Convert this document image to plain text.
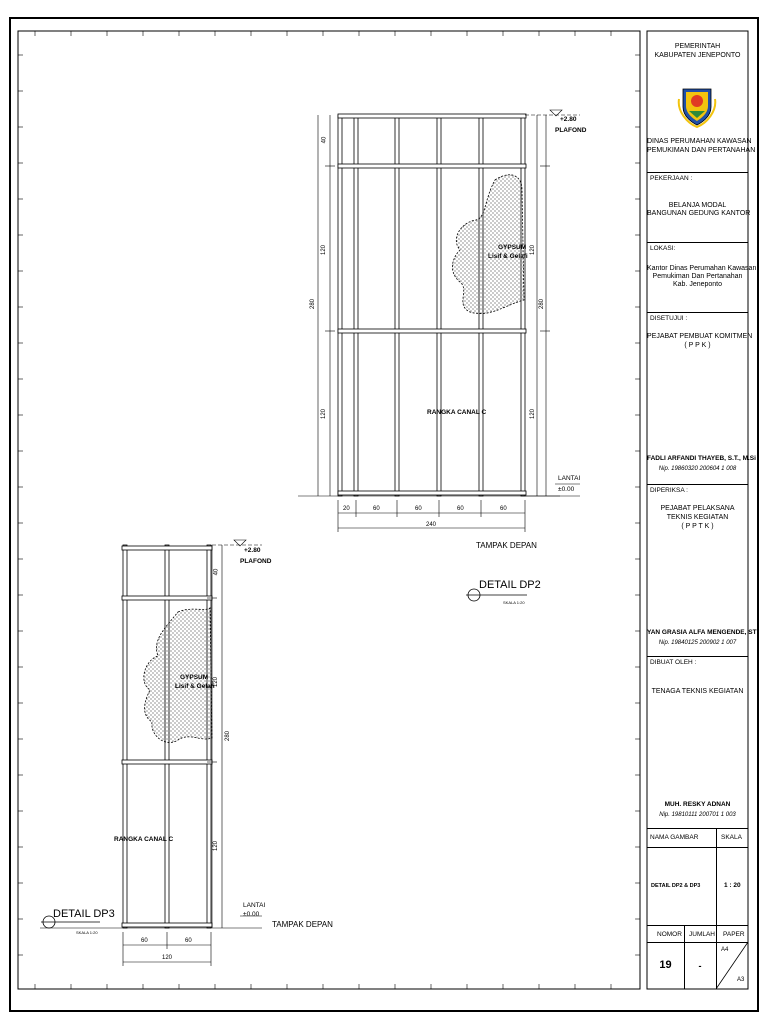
+2.80
PLAFOND
LANTAI
±0.00
GYPSUM
Lisif & Gelafi
RANGKA CANAL C
TAMPAK DEPAN
DETAIL DP2
SKALA 1:20
280
40
120
120
280
120
120
20	60	60	60	60
240
+2.80
PLAFOND
LANTAI
±0.00
GYPSUM
Lisif & Gelafi
RANGKA CANAL C
TAMPAK DEPAN
DETAIL DP3
SKALA 1:20
280
40
120
120
60	60
120
PEMERINTAH
KABUPATEN JENEPONTO
DINAS PERUMAHAN KAWASAN
PEMUKIMAN DAN PERTANAHAN
PEKERJAAN :
BELANJA MODAL
BANGUNAN GEDUNG KANTOR
LOKASI:
Kantor Dinas Perumahan Kawasan
Pemukiman Dan Pertanahan
Kab. Jeneponto
DISETUJUI :
PEJABAT PEMBUAT KOMITMEN
( P P K )
FADLI ARFANDI THAYEB, S.T., M.Si
Nip. 19860320 200604 1 008
DIPERIKSA :
PEJABAT PELAKSANA
TEKNIS KEGIATAN
( P P T K )
YAN GRASIA ALFA MENGENDE, ST
Nip. 19840125 200902 1 007
DIBUAT OLEH :
TENAGA TEKNIS KEGIATAN
MUH. RESKY ADNAN
Nip. 19810111 200701 1 003
NAMA GAMBAR	SKALA
DETAIL DP2 & DP3	1 : 20
NOMOR JUMLAH PAPER
19	-
A4
A3
